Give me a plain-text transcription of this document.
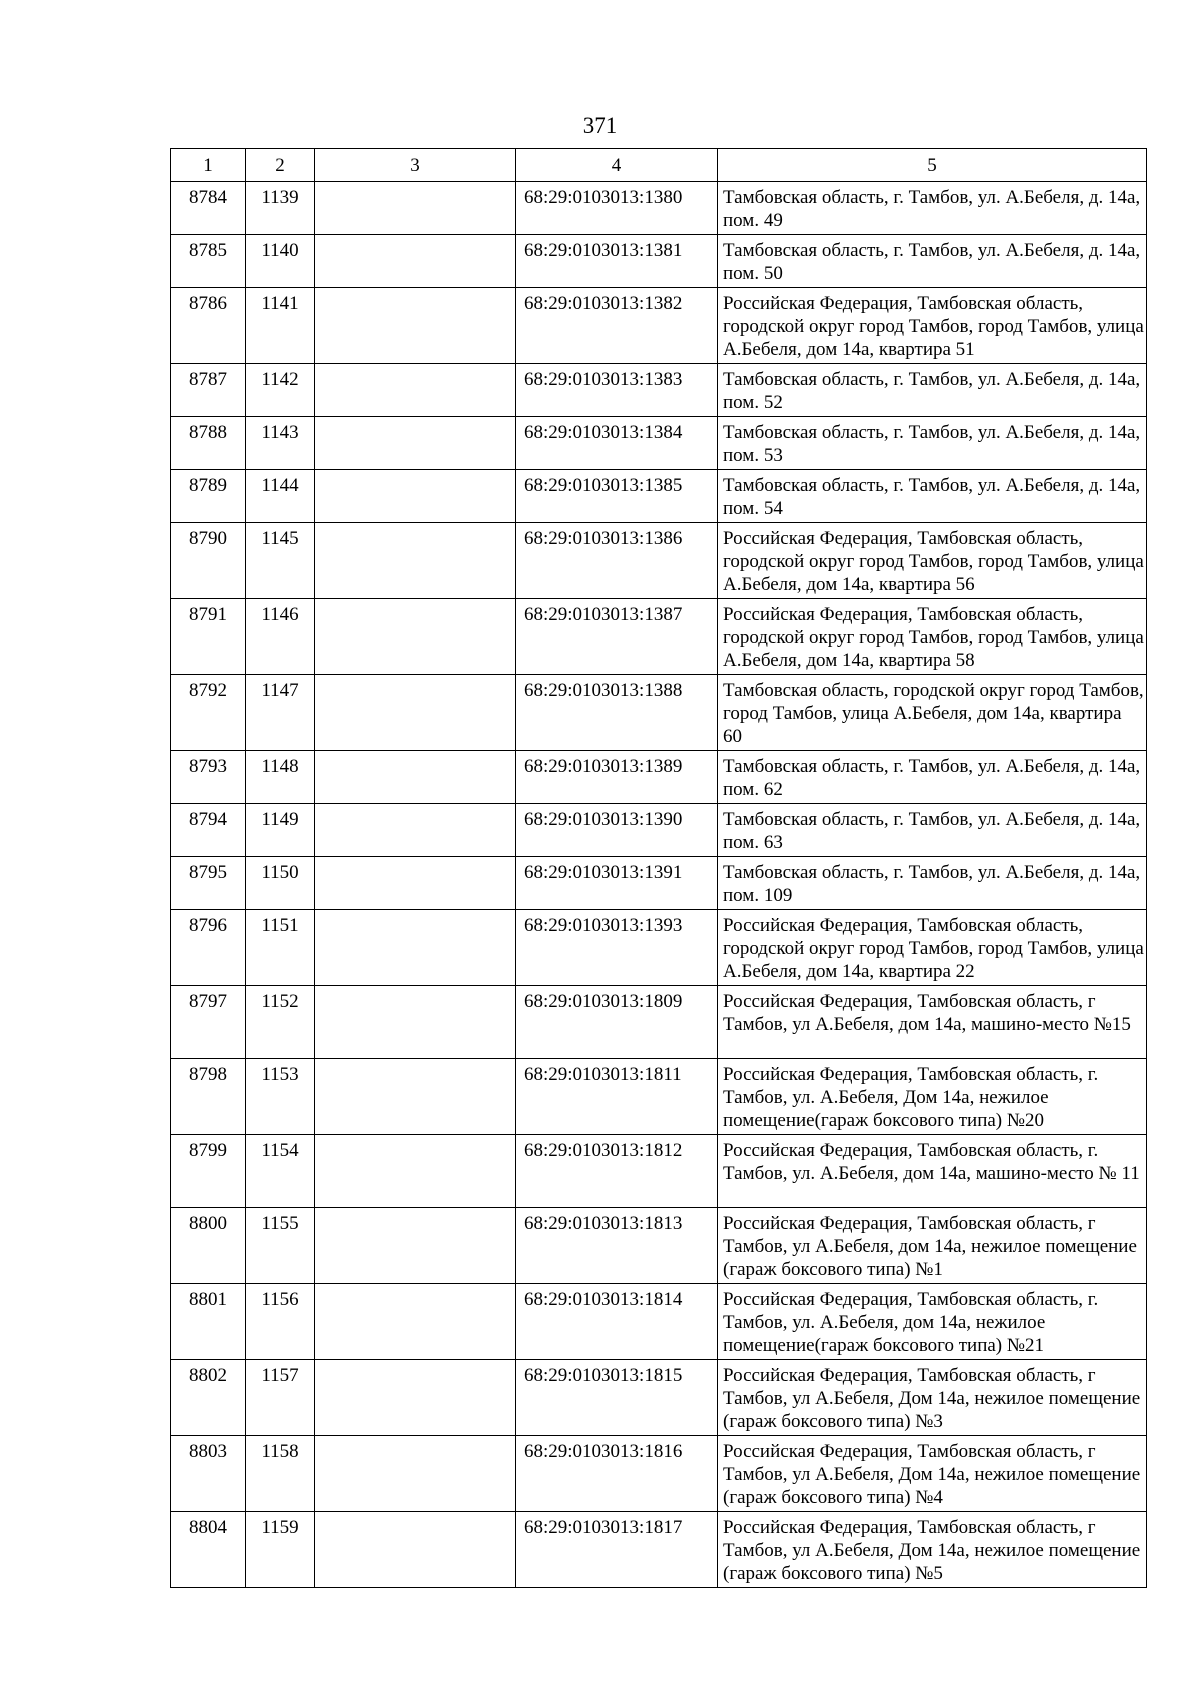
371
1	2	3	4	5
8784	1139		68:29:0103013:1380	Тамбовская область, г. Тамбов, ул. А.Бебеля, д. 14а, пом. 49
8785	1140		68:29:0103013:1381	Тамбовская область, г. Тамбов, ул. А.Бебеля, д. 14а, пом. 50
8786	1141		68:29:0103013:1382	Российская Федерация, Тамбовская область, городской округ город Тамбов, город Тамбов, улица А.Бебеля, дом 14а, квартира 51
8787	1142		68:29:0103013:1383	Тамбовская область, г. Тамбов, ул. А.Бебеля, д. 14а, пом. 52
8788	1143		68:29:0103013:1384	Тамбовская область, г. Тамбов, ул. А.Бебеля, д. 14а, пом. 53
8789	1144		68:29:0103013:1385	Тамбовская область, г. Тамбов, ул. А.Бебеля, д. 14а, пом. 54
8790	1145		68:29:0103013:1386	Российская Федерация, Тамбовская область, городской округ город Тамбов, город Тамбов, улица А.Бебеля, дом 14а, квартира 56
8791	1146		68:29:0103013:1387	Российская Федерация, Тамбовская область, городской округ город Тамбов, город Тамбов, улица А.Бебеля, дом 14а, квартира 58
8792	1147		68:29:0103013:1388	Тамбовская область, городской округ город Тамбов, город Тамбов, улица А.Бебеля, дом 14а, квартира 60
8793	1148		68:29:0103013:1389	Тамбовская область, г. Тамбов, ул. А.Бебеля, д. 14а, пом. 62
8794	1149		68:29:0103013:1390	Тамбовская область, г. Тамбов, ул. А.Бебеля, д. 14а, пом. 63
8795	1150		68:29:0103013:1391	Тамбовская область, г. Тамбов, ул. А.Бебеля, д. 14а, пом. 109
8796	1151		68:29:0103013:1393	Российская Федерация, Тамбовская область, городской округ город Тамбов, город Тамбов, улица А.Бебеля, дом 14а, квартира 22
8797	1152		68:29:0103013:1809	Российская Федерация, Тамбовская область, г Тамбов, ул А.Бебеля, дом 14а, машино-место №15
8798	1153		68:29:0103013:1811	Российская Федерация, Тамбовская область, г. Тамбов, ул. А.Бебеля, Дом 14а, нежилое помещение(гараж боксового типа) №20
8799	1154		68:29:0103013:1812	Российская Федерация, Тамбовская область, г. Тамбов, ул. А.Бебеля, дом 14а, машино-место № 11
8800	1155		68:29:0103013:1813	Российская Федерация, Тамбовская область, г Тамбов, ул А.Бебеля, дом 14а, нежилое помещение (гараж боксового типа) №1
8801	1156		68:29:0103013:1814	Российская Федерация, Тамбовская область, г. Тамбов, ул. А.Бебеля, дом 14а, нежилое помещение(гараж боксового типа) №21
8802	1157		68:29:0103013:1815	Российская Федерация, Тамбовская область, г Тамбов, ул А.Бебеля, Дом 14а, нежилое помещение (гараж боксового типа) №3
8803	1158		68:29:0103013:1816	Российская Федерация, Тамбовская область, г Тамбов, ул А.Бебеля, Дом 14а, нежилое помещение (гараж боксового типа) №4
8804	1159		68:29:0103013:1817	Российская Федерация, Тамбовская область, г Тамбов, ул А.Бебеля, Дом 14а, нежилое помещение (гараж боксового типа) №5
